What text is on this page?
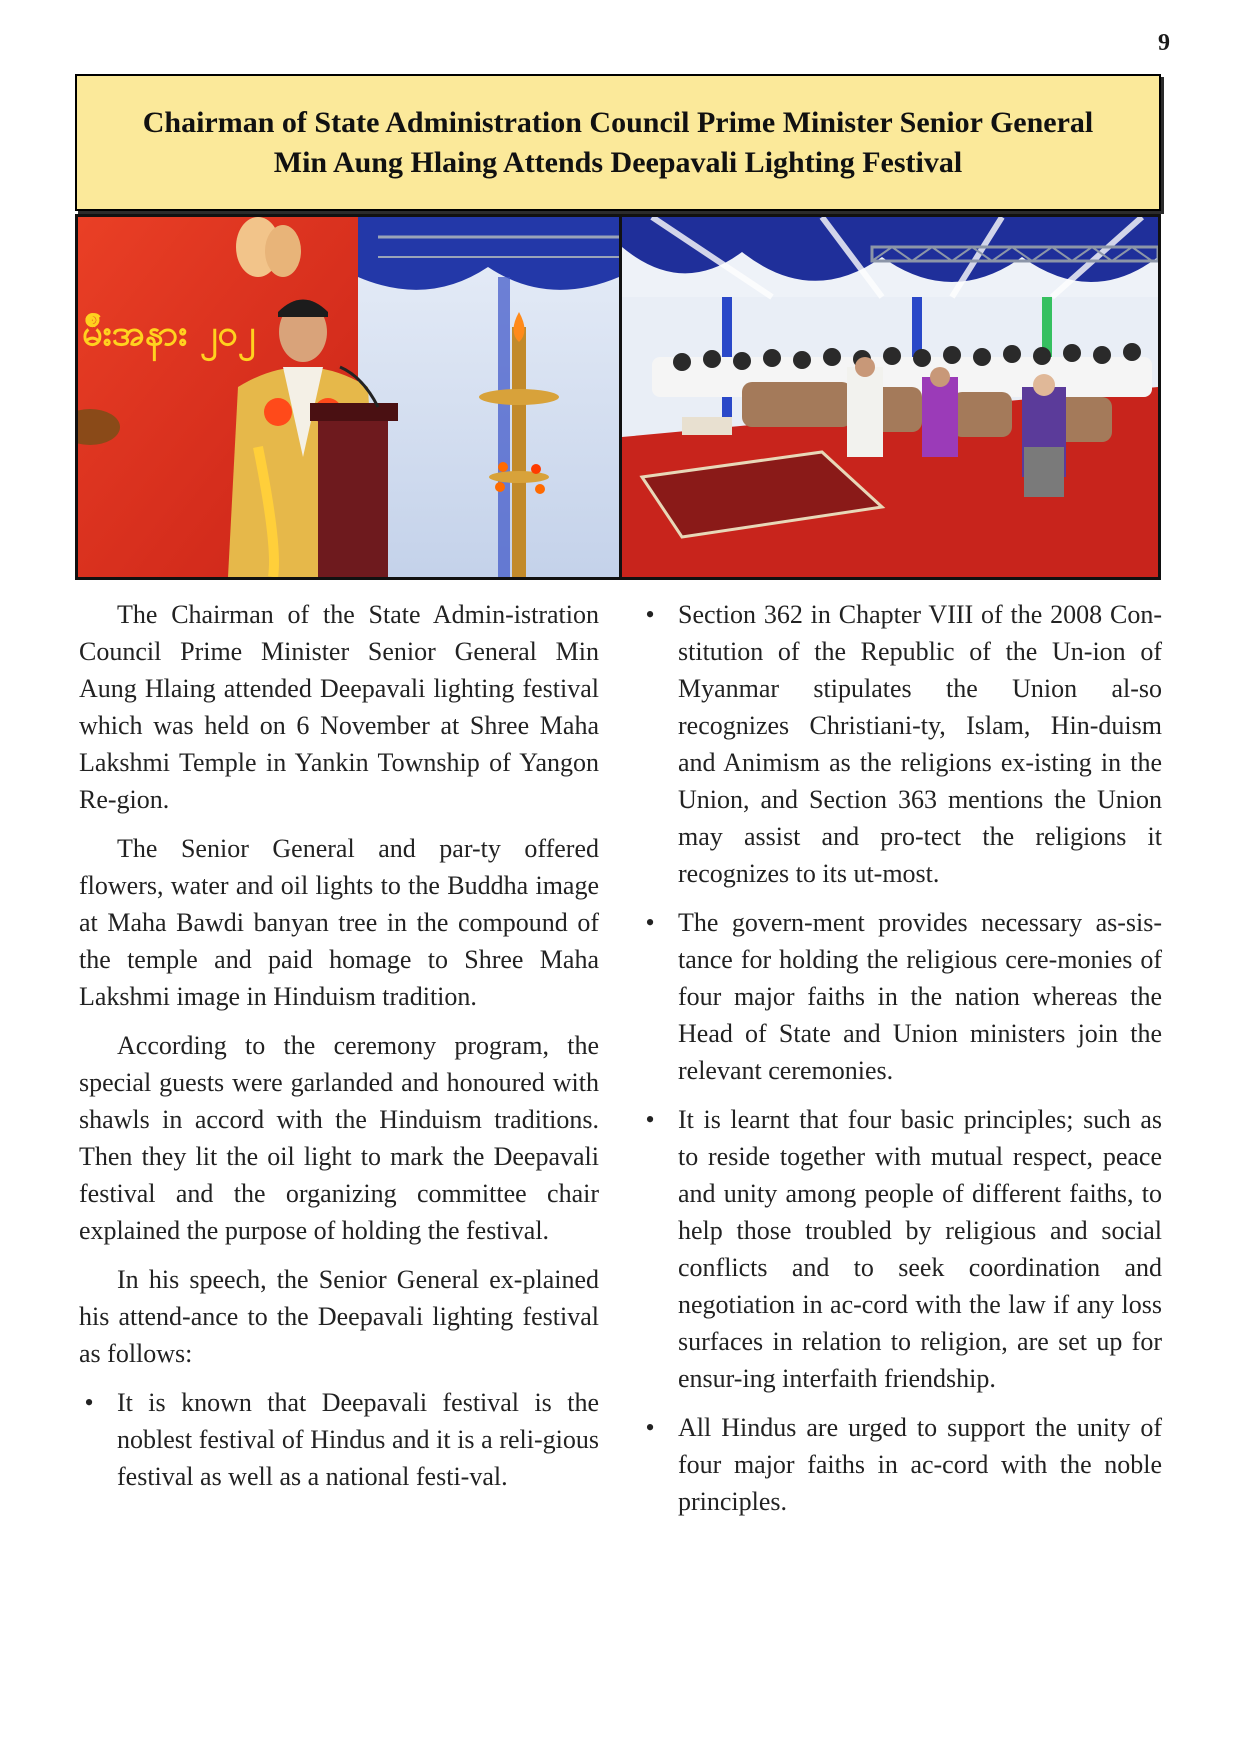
9
Chairman of State Administration Council Prime Minister Senior General
Min Aung Hlaing Attends Deepavali Lighting Festival
မ်ိဳးအနား ၂၀၂

The Chairman of the State Admin-istration Council Prime Minister Senior General Min Aung Hlaing attended Deepavali lighting festival which was held on 6 November at Shree Maha Lakshmi Temple in Yankin Township of Yangon Re-gion.

The Senior General and par-ty offered flowers, water and oil lights to the Buddha image at Maha Bawdi banyan tree in the compound of the temple and paid homage to Shree Maha Lakshmi image in Hinduism tradition.

According to the ceremony program, the special guests were garlanded and honoured with shawls in accord with the Hinduism traditions. Then they lit the oil light to mark the Deepavali festival and the organizing committee chair explained the purpose of holding the festival.

In his speech, the Senior General ex-plained his attend-ance to the Deepavali lighting festival as follows:

• It is known that Deepavali festival is the noblest festival of Hindus and it is a reli-gious festival as well as a national festi-val.
• Section 362 in Chapter VIII of the 2008 Con-stitution of the Republic of the Un-ion of Myanmar stipulates the Union al-so recognizes Christiani-ty, Islam, Hin-duism and Animism as the religions ex-isting in the Union, and Section 363 mentions the Union may assist and pro-tect the religions it recognizes to its ut-most.
• The govern-ment provides necessary as-sis-tance for holding the religious cere-monies of four major faiths in the nation whereas the Head of State and Union ministers join the relevant ceremonies.
• It is learnt that four basic principles; such as to reside together with mutual respect, peace and unity among people of different faiths, to help those troubled by religious and social conflicts and to seek coordination and negotiation in ac-cord with the law if any loss surfaces in relation to religion, are set up for ensur-ing interfaith friendship.
• All Hindus are urged to support the unity of four major faiths in ac-cord with the noble principles.
